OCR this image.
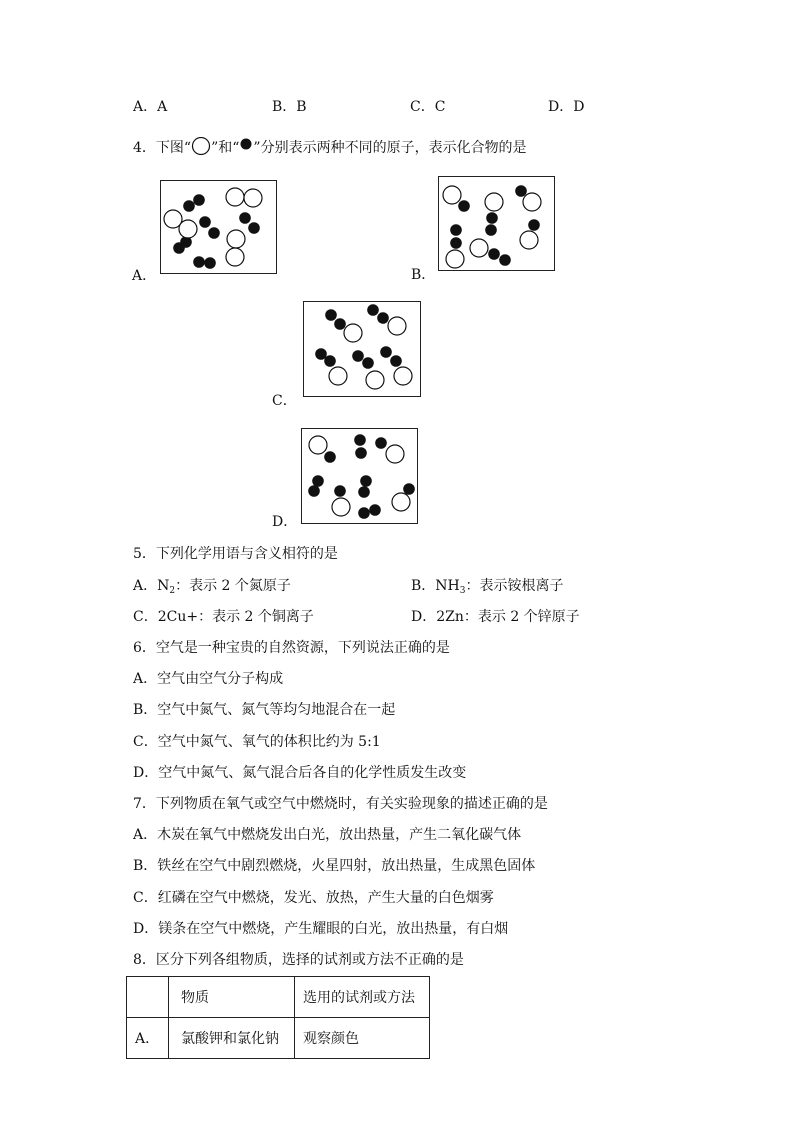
A．A	B．B	C．C	D．D
4．下图“ ”和“ ”分别表示两种不同的原子，表示化合物的是
A．	B．
C．
D．
5．下列化学用语与含义相符的是
A．$N_2$：表示 2 个氮原子	B．$NH_3$：表示铵根离子
C．2Cu+：表示 2 个铜离子	D．2Zn：表示 2 个锌原子
6．空气是一种宝贵的自然资源，下列说法正确的是
A．空气由空气分子构成
B．空气中氮气、氮气等均匀地混合在一起
C．空气中氮气、氧气的体积比约为 5:1
D．空气中氮气、氮气混合后各自的化学性质发生改变
7．下列物质在氧气或空气中燃烧时，有关实验现象的描述正确的是
A．木炭在氧气中燃烧发出白光，放出热量，产生二氧化碳气体
B．铁丝在空气中剧烈燃烧，火星四射，放出热量，生成黑色固体
C．红磷在空气中燃烧，发光、放热，产生大量的白色烟雾
D．镁条在空气中燃烧，产生耀眼的白光，放出热量，有白烟
8．区分下列各组物质，选择的试剂或方法不正确的是
	物质	选用的试剂或方法
A．	氯酸钾和氯化钠	观察颜色
